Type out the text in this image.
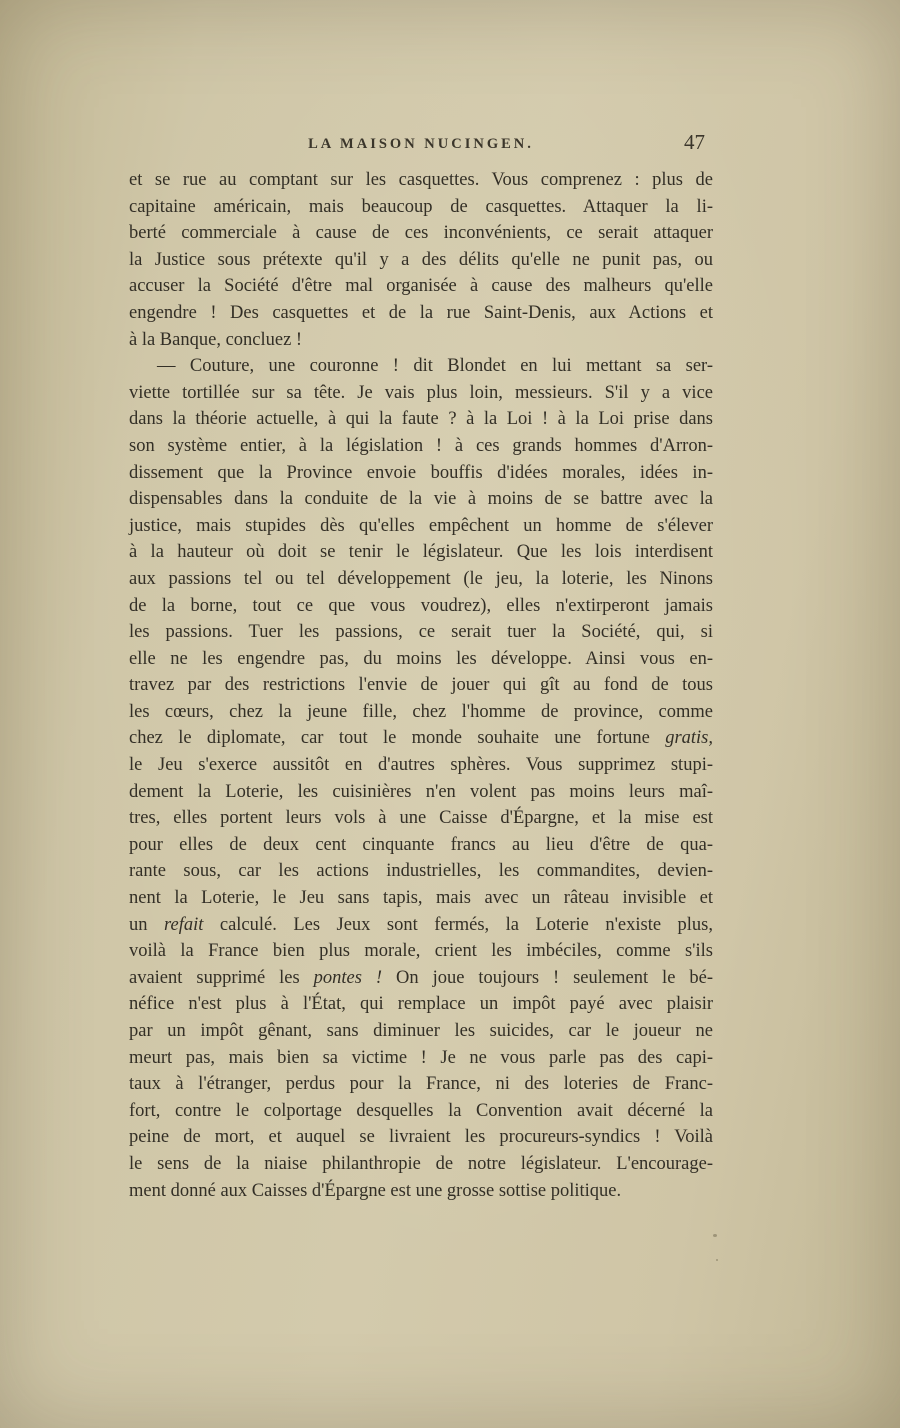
LA MAISON NUCINGEN.	47
et se rue au comptant sur les casquettes. Vous comprenez : plus de
capitaine américain, mais beaucoup de casquettes. Attaquer la li-
berté commerciale à cause de ces inconvénients, ce serait attaquer
la Justice sous prétexte qu'il y a des délits qu'elle ne punit pas, ou
accuser la Société d'être mal organisée à cause des malheurs qu'elle
engendre ! Des casquettes et de la rue Saint-Denis, aux Actions et
à la Banque, concluez !
— Couture, une couronne ! dit Blondet en lui mettant sa ser-
viette tortillée sur sa tête. Je vais plus loin, messieurs. S'il y a vice
dans la théorie actuelle, à qui la faute ? à la Loi ! à la Loi prise dans
son système entier, à la législation ! à ces grands hommes d'Arron-
dissement que la Province envoie bouffis d'idées morales, idées in-
dispensables dans la conduite de la vie à moins de se battre avec la
justice, mais stupides dès qu'elles empêchent un homme de s'élever
à la hauteur où doit se tenir le législateur. Que les lois interdisent
aux passions tel ou tel développement (le jeu, la loterie, les Ninons
de la borne, tout ce que vous voudrez), elles n'extirperont jamais
les passions. Tuer les passions, ce serait tuer la Société, qui, si
elle ne les engendre pas, du moins les développe. Ainsi vous en-
travez par des restrictions l'envie de jouer qui gît au fond de tous
les cœurs, chez la jeune fille, chez l'homme de province, comme
chez le diplomate, car tout le monde souhaite une fortune gratis,
le Jeu s'exerce aussitôt en d'autres sphères. Vous supprimez stupi-
dement la Loterie, les cuisinières n'en volent pas moins leurs maî-
tres, elles portent leurs vols à une Caisse d'Épargne, et la mise est
pour elles de deux cent cinquante francs au lieu d'être de qua-
rante sous, car les actions industrielles, les commandites, devien-
nent la Loterie, le Jeu sans tapis, mais avec un râteau invisible et
un refait calculé. Les Jeux sont fermés, la Loterie n'existe plus,
voilà la France bien plus morale, crient les imbéciles, comme s'ils
avaient supprimé les pontes ! On joue toujours ! seulement le bé-
néfice n'est plus à l'État, qui remplace un impôt payé avec plaisir
par un impôt gênant, sans diminuer les suicides, car le joueur ne
meurt pas, mais bien sa victime ! Je ne vous parle pas des capi-
taux à l'étranger, perdus pour la France, ni des loteries de Franc-
fort, contre le colportage desquelles la Convention avait décerné la
peine de mort, et auquel se livraient les procureurs-syndics ! Voilà
le sens de la niaise philanthropie de notre législateur. L'encourage-
ment donné aux Caisses d'Épargne est une grosse sottise politique.
